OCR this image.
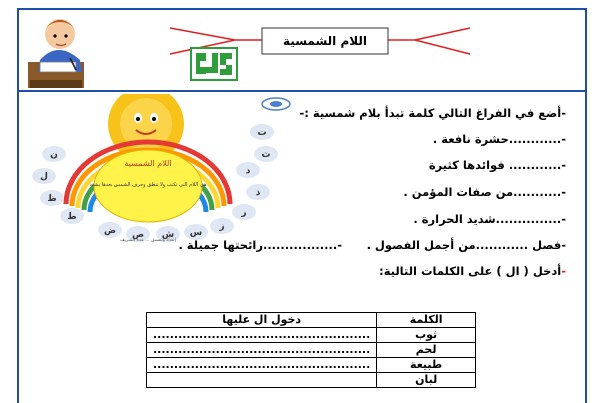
اللام الشمسية
اللام الشمسية
هي اللام التي تكتب ولا تنطق وحرف الشمس بعدها يشدد
ت
ث
د
ذ
ر
ز
س
ش
ص
ض
ط
ظ
ل
ن
إعداد وتنسيق ... عدة الشريف
-أضع في الفراغ التالي كلمة تبدأ بلام شمسية :-
-............حشرة نافعة .
-............ فوائدها كثيرة
-...........من صفات المؤمن .
-...............شديد الحرارة .
-فصل ............من أجمل الفصول .
-.................رائحتها جميلة .
-أدخل ( ال ) على الكلمات التالية:
الكلمة	دخول ال عليها
ثوب	....................................................
لحم	....................................................
طبيعة	....................................................
لبان	
